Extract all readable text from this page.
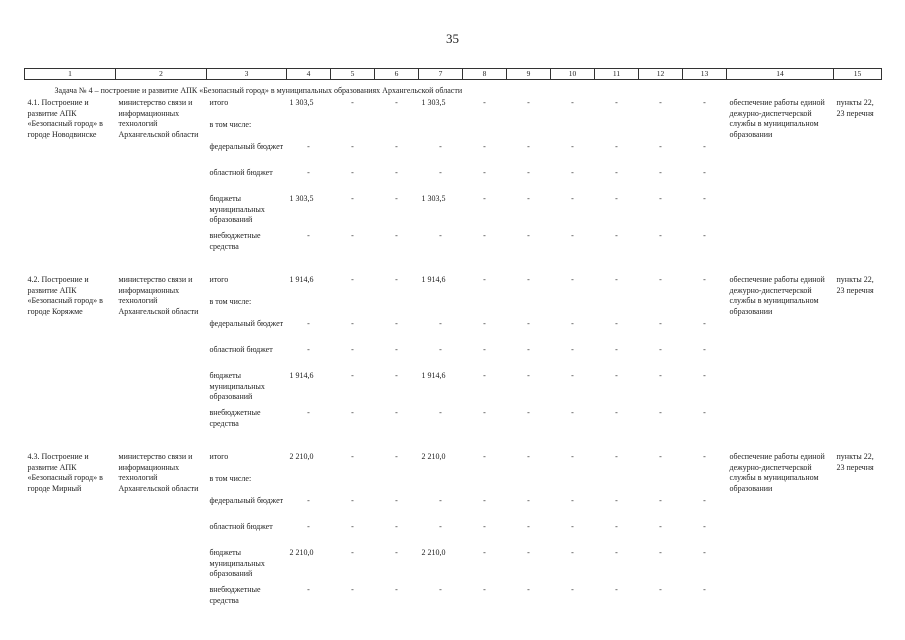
35
1	2	3	4	5	6	7	8	9	10	11	12	13	14	15
Задача № 4 – построение и развитие АПК «Безопасный город» в муниципальных образованиях Архангельской области														
4.1. Построение и развитие АПК «Безопасный город» в городе Новодвинске	министерство связи и информационных технологий Архангельской области	итого	1 303,5	-	-	1 303,5	-	-	-	-	-	-	обеспечение работы единой дежурно-диспетчерской службы в муниципальном образовании	пункты 22, 23 перечня
		в том числе:												
		федеральный бюджет	-	-	-	-	-	-	-	-	-	-		
		областной бюджет	-	-	-	-	-	-	-	-	-	-		
		бюджеты муниципальных образований	1 303,5	-	-	1 303,5	-	-	-	-	-	-		
		внебюджетные средства	-	-	-	-	-	-	-	-	-	-		
4.2. Построение и развитие АПК «Безопасный город» в городе Коряжме	министерство связи и информационных технологий Архангельской области	итого	1 914,6	-	-	1 914,6	-	-	-	-	-	-	обеспечение работы единой дежурно-диспетчерской службы в муниципальном образовании	пункты 22, 23 перечня
		в том числе:												
		федеральный бюджет	-	-	-	-	-	-	-	-	-	-		
		областной бюджет	-	-	-	-	-	-	-	-	-	-		
		бюджеты муниципальных образований	1 914,6	-	-	1 914,6	-	-	-	-	-	-		
		внебюджетные средства	-	-	-	-	-	-	-	-	-	-		
4.3. Построение и развитие АПК «Безопасный город» в городе Мирный	министерство связи и информационных технологий Архангельской области	итого	2 210,0	-	-	2 210,0	-	-	-	-	-	-	обеспечение работы единой дежурно-диспетчерской службы в муниципальном образовании	пункты 22, 23 перечня
		в том числе:												
		федеральный бюджет	-	-	-	-	-	-	-	-	-	-		
		областной бюджет	-	-	-	-	-	-	-	-	-	-		
		бюджеты муниципальных образований	2 210,0	-	-	2 210,0	-	-	-	-	-	-		
		внебюджетные средства	-	-	-	-	-	-	-	-	-	-		
